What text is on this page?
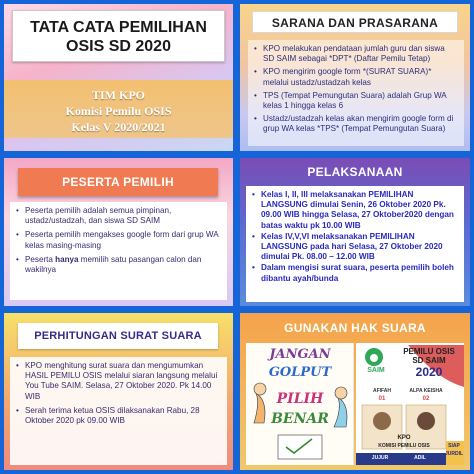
TATA CATA PEMILIHAN
OSIS SD 2020
TIM KPO
Komisi Pemilu OSIS
Kelas V 2020/2021
SARANA DAN PRASARANA
• KPO melakukan pendataan jumlah guru dan siswa SD SAIM sebagai *DPT* (Daftar Pemilu Tetap)
• KPO mengirim google form *(SURAT SUARA)* melalui ustadz/ustadzah kelas
• TPS (Tempat Pemungutan Suara) adalah Grup WA kelas 1 hingga kelas 6
• Ustadz/ustadzah kelas akan mengirim google form di grup WA kelas *TPS* (Tempat Pemungutan Suara)
PESERTA PEMILIH
• Peserta pemilih adalah semua pimpinan, ustadz/ustadzah, dan siswa SD SAIM
• Peserta pemilih mengakses google form dari grup WA kelas masing-masing
• Peserta hanya memilih satu pasangan calon dan wakilnya
PELAKSANAAN
• Kelas I, II, III melaksanakan PEMILIHAN LANGSUNG dimulai Senin, 26 Oktober 2020 Pk. 09.00 WIB hingga Selasa, 27 Oktober2020 dengan batas waktu pk 10.00 WIB
• Kelas IV,V,VI melaksanakan PEMILIHAN LANGSUNG pada hari Selasa, 27 Oktober 2020 dimulai Pk. 08.00 – 12.00 WIB
• Dalam mengisi surat suara, peserta pemilih boleh dibantu ayah/bunda
PERHITUNGAN SURAT SUARA
• KPO menghitung surat suara dan mengumumkan HASIL PEMILU OSIS melalui siaran langsung melalui You Tube SAIM. Selasa, 27 Oktober 2020. Pk 14.00 WIB
• Serah terima ketua OSIS dilaksanakan Rabu, 28 Oktober 2020 pk 09.00 WIB
GUNAKAN HAK SUARA
JANGAN
GOLPUT
PILIH
BENAR
SAIM
PEMILU OSIS
SD SAIM
2020
27 Oktober 2020
AFIFAH	ALPA KEISHA
01	02
KPO
KOMISI PEMILU OSIS	SIAP
JURDIL
JUJUR	ADIL
